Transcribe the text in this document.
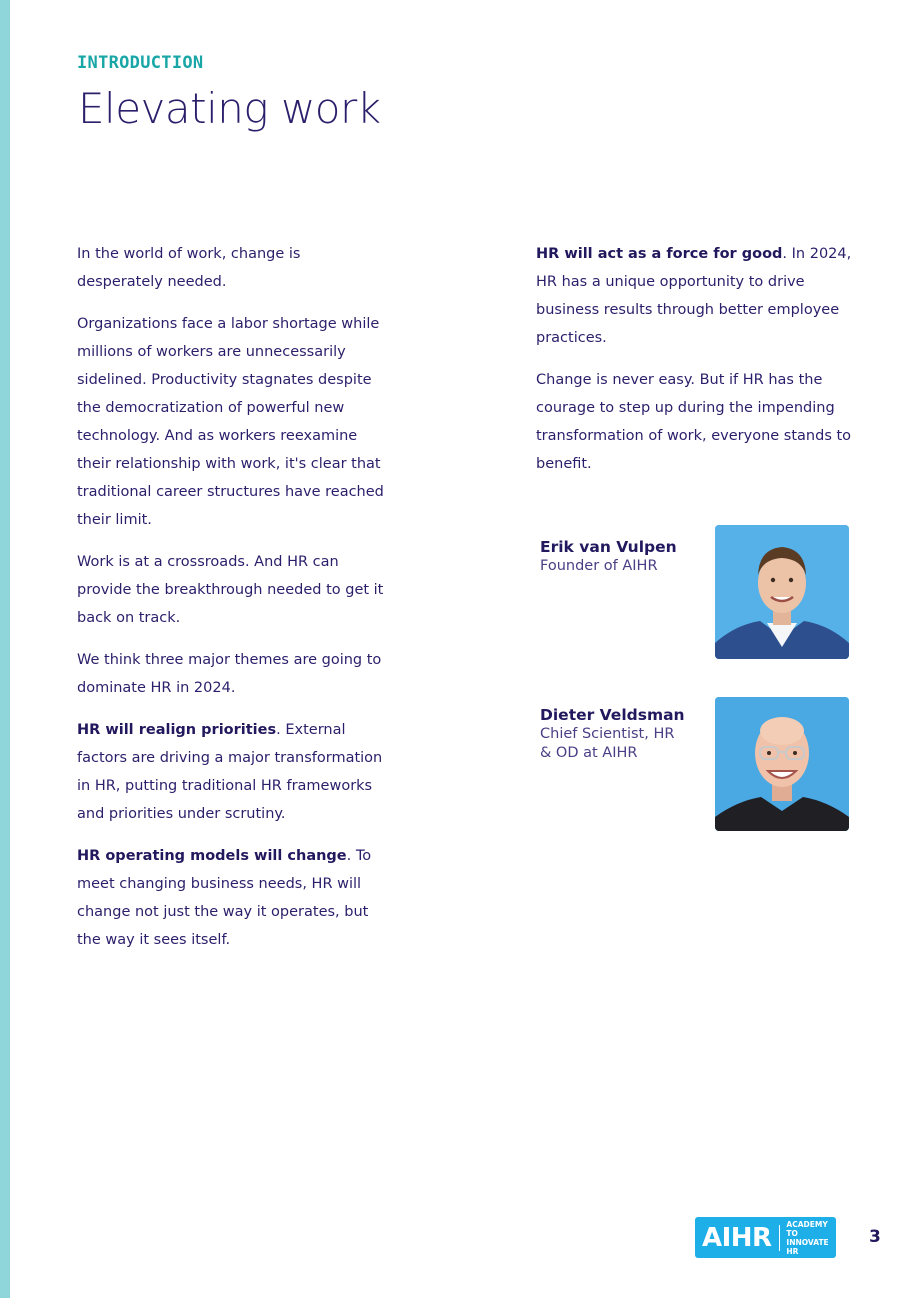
INTRODUCTION
Elevating work

In the world of work, change is desperately needed.

Organizations face a labor shortage while millions of workers are unnecessarily sidelined. Productivity stagnates despite the democratization of powerful new technology. And as workers reexamine their relationship with work, it's clear that traditional career structures have reached their limit.

Work is at a crossroads. And HR can provide the breakthrough needed to get it back on track.

We think three major themes are going to dominate HR in 2024.

HR will realign priorities. External factors are driving a major transformation in HR, putting traditional HR frameworks and priorities under scrutiny.

HR operating models will change. To meet changing business needs, HR will change not just the way it operates, but the way it sees itself.

HR will act as a force for good. In 2024, HR has a unique opportunity to drive business results through better employee practices.

Change is never easy. But if HR has the courage to step up during the impending transformation of work, everyone stands to benefit.

Erik van Vulpen
Founder of AIHR
Dieter Veldsman
Chief Scientist, HR & OD at AIHR
AIHR ACADEMY TO INNOVATE HR
3
